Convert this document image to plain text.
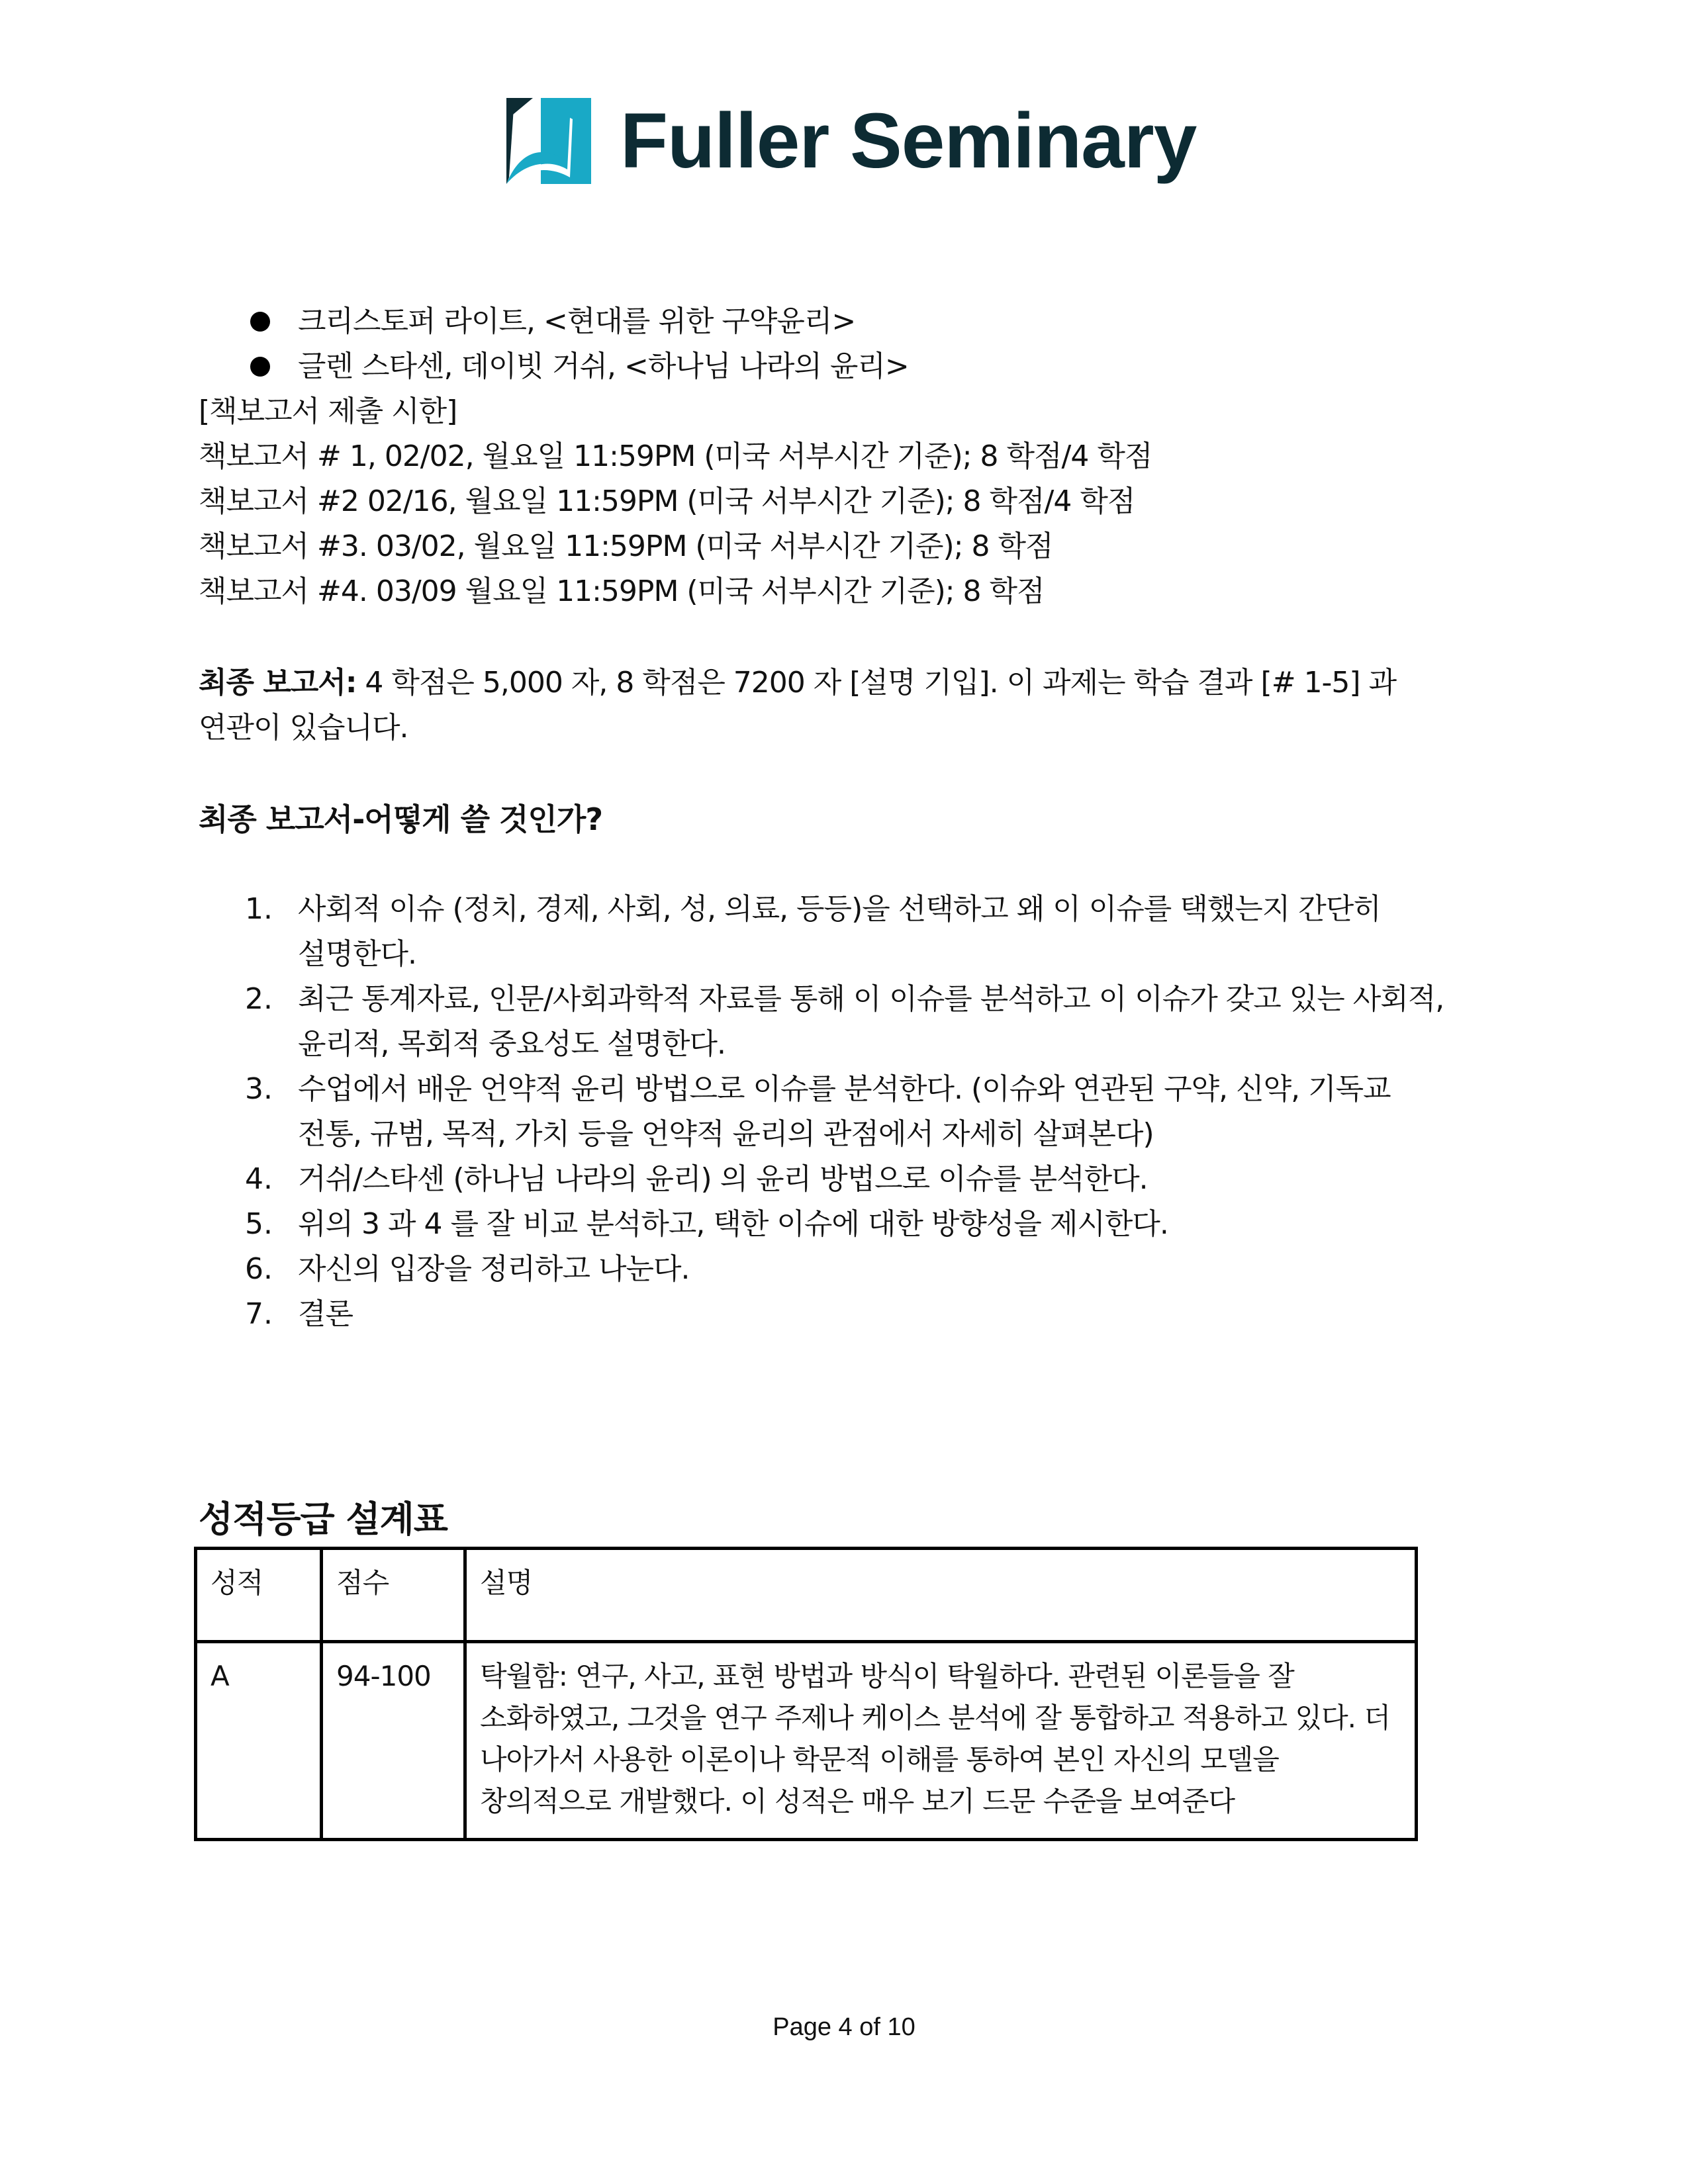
Fuller Seminary
크리스토퍼 라이트, <현대를 위한 구약윤리>
글렌 스타센, 데이빗 거쉬, <하나님 나라의 윤리>
[책보고서 제출 시한]
책보고서 # 1, 02/02, 월요일 11:59PM (미국 서부시간 기준); 8 학점/4 학점
책보고서 #2 02/16, 월요일 11:59PM (미국 서부시간 기준); 8 학점/4 학점
책보고서 #3. 03/02, 월요일 11:59PM (미국 서부시간 기준); 8 학점
책보고서 #4. 03/09 월요일 11:59PM (미국 서부시간 기준); 8 학점
최종 보고서: 4 학점은 5,000 자, 8 학점은 7200 자 [설명 기입]. 이 과제는 학습 결과 [# 1-5] 과
연관이 있습니다.
최종 보고서-어떻게 쓸 것인가?
1. 사회적 이슈 (정치, 경제, 사회, 성, 의료, 등등)을 선택하고 왜 이 이슈를 택했는지 간단히
설명한다.
2. 최근 통계자료, 인문/사회과학적 자료를 통해 이 이슈를 분석하고 이 이슈가 갖고 있는 사회적,
윤리적, 목회적 중요성도 설명한다.
3. 수업에서 배운 언약적 윤리 방법으로 이슈를 분석한다. (이슈와 연관된 구약, 신약, 기독교
전통, 규범, 목적, 가치 등을 언약적 윤리의 관점에서 자세히 살펴본다)
4. 거쉬/스타센 (하나님 나라의 윤리) 의 윤리 방법으로 이슈를 분석한다.
5. 위의 3 과 4 를 잘 비교 분석하고, 택한 이슈에 대한 방향성을 제시한다.
6. 자신의 입장을 정리하고 나눈다.
7. 결론
성적등급 설계표
성적	점수	설명
A	94-100	탁월함: 연구, 사고, 표현 방법과 방식이 탁월하다. 관련된 이론들을 잘
소화하였고, 그것을 연구 주제나 케이스 분석에 잘 통합하고 적용하고 있다. 더
나아가서 사용한 이론이나 학문적 이해를 통하여 본인 자신의 모델을
창의적으로 개발했다. 이 성적은 매우 보기 드문 수준을 보여준다
Page 4 of 10
